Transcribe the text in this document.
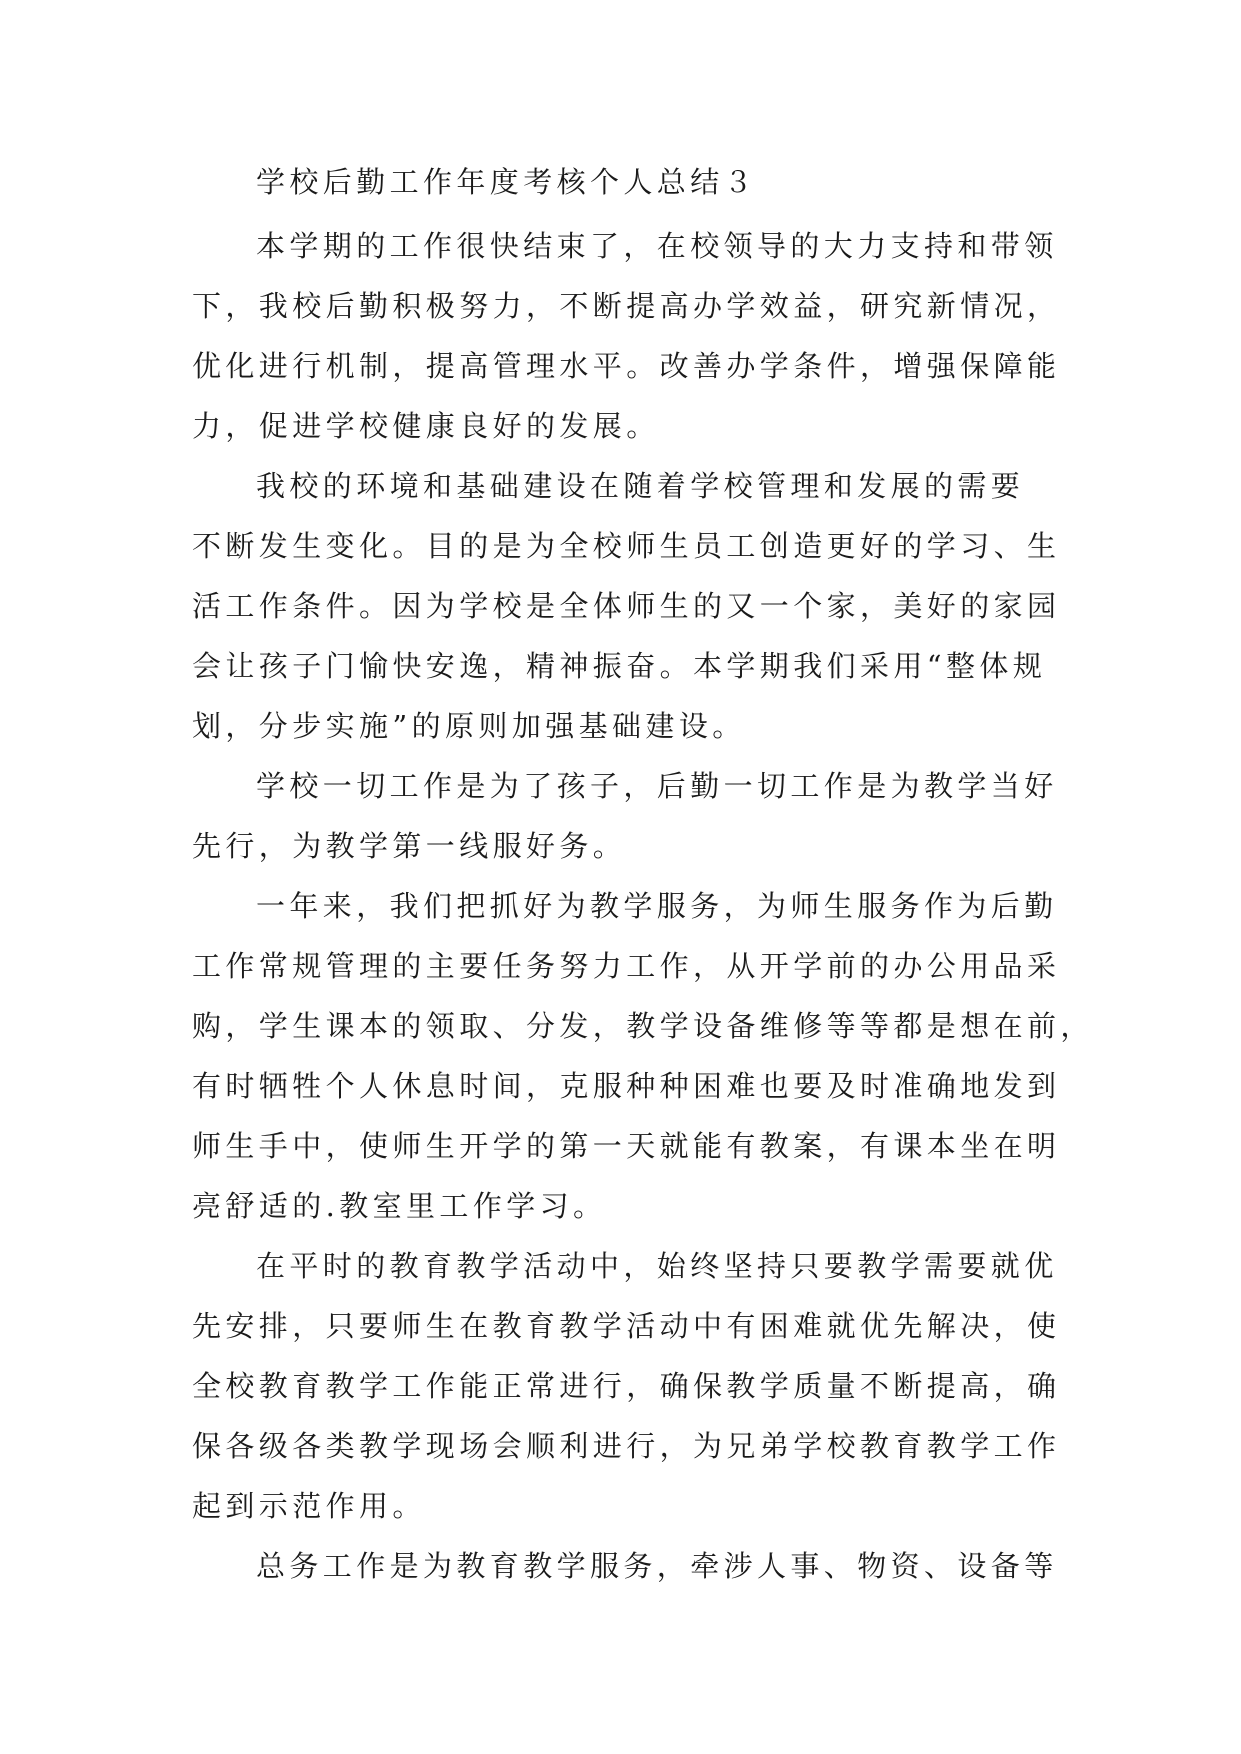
学校后勤工作年度考核个人总结３
本学期的工作很快结束了，在校领导的大力支持和带领
下，我校后勤积极努力，不断提高办学效益，研究新情况，
优化进行机制，提高管理水平。改善办学条件，增强保障能
力，促进学校健康良好的发展。
我校的环境和基础建设在随着学校管理和发展的需要
不断发生变化。目的是为全校师生员工创造更好的学习、生
活工作条件。因为学校是全体师生的又一个家，美好的家园
会让孩子门愉快安逸，精神振奋。本学期我们采用“整体规
划，分步实施”的原则加强基础建设。
学校一切工作是为了孩子，后勤一切工作是为教学当好
先行，为教学第一线服好务。
一年来，我们把抓好为教学服务，为师生服务作为后勤
工作常规管理的主要任务努力工作，从开学前的办公用品采
购，学生课本的领取、分发，教学设备维修等等都是想在前，
有时牺牲个人休息时间，克服种种困难也要及时准确地发到
师生手中，使师生开学的第一天就能有教案，有课本坐在明
亮舒适的.教室里工作学习。
在平时的教育教学活动中，始终坚持只要教学需要就优
先安排，只要师生在教育教学活动中有困难就优先解决，使
全校教育教学工作能正常进行，确保教学质量不断提高，确
保各级各类教学现场会顺利进行，为兄弟学校教育教学工作
起到示范作用。
总务工作是为教育教学服务，牵涉人事、物资、设备等
